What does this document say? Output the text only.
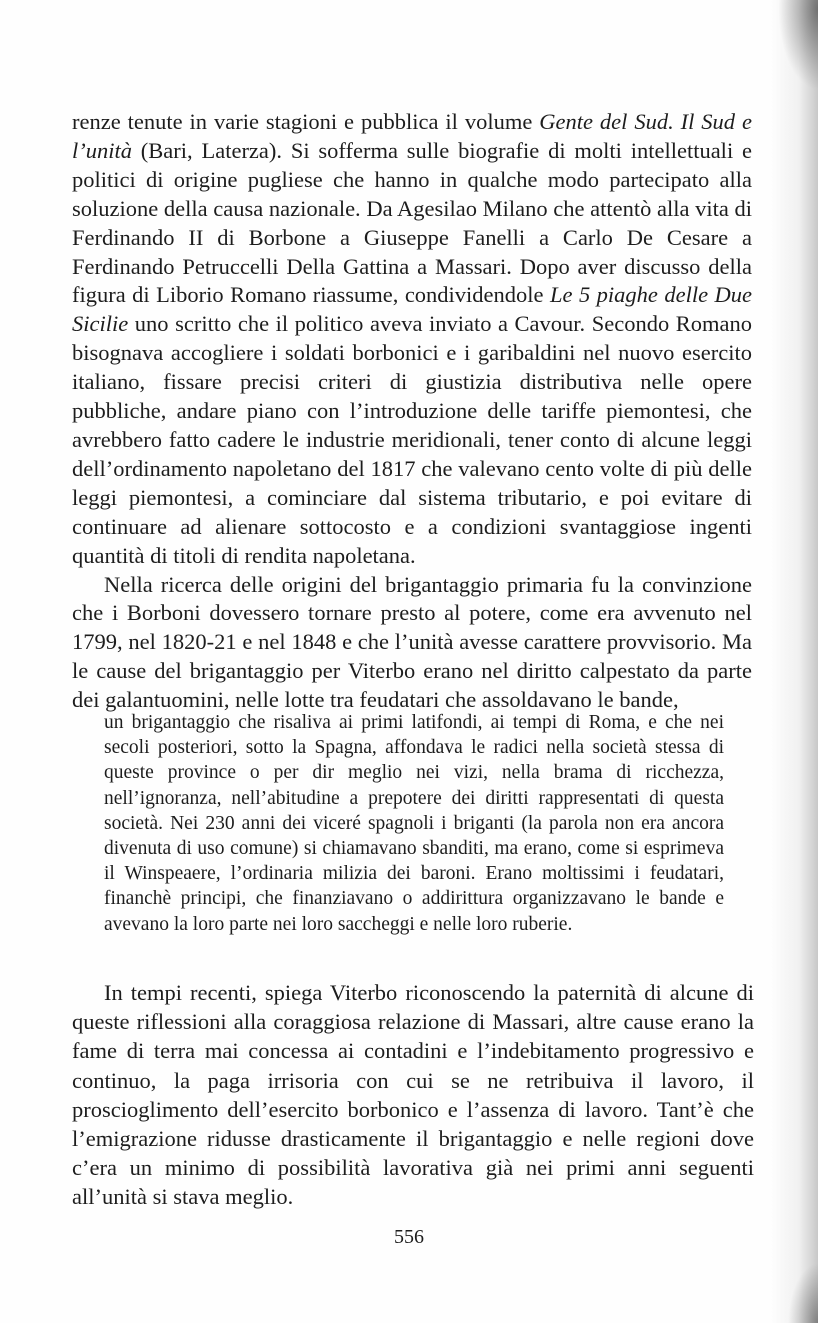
renze tenute in varie stagioni e pubblica il volume Gente del Sud. Il Sud e l’unità (Bari, Laterza). Si sofferma sulle biografie di molti intellettuali e politici di origine pugliese che hanno in qualche modo partecipato alla soluzione della causa nazionale. Da Agesilao Milano che attentò alla vita di Ferdinando II di Borbone a Giuseppe Fanelli a Carlo De Cesare a Ferdinando Petruccelli Della Gattina a Massari. Dopo aver discusso della figura di Liborio Romano riassume, condividendole Le 5 piaghe delle Due Sicilie uno scritto che il politico aveva inviato a Cavour. Secondo Romano bisognava accogliere i soldati borbonici e i garibaldini nel nuovo esercito italiano, fissare precisi criteri di giustizia distributiva nelle opere pubbliche, andare piano con l’introduzione delle tariffe piemontesi, che avrebbero fatto cadere le industrie meridionali, tener conto di alcune leggi dell’ordinamento napoletano del 1817 che valevano cento volte di più delle leggi piemontesi, a cominciare dal sistema tributario, e poi evitare di continuare ad alienare sottocosto e a condizioni svantaggiose ingenti quantità di titoli di rendita napoletana.

Nella ricerca delle origini del brigantaggio primaria fu la convinzione che i Borboni dovessero tornare presto al potere, come era avvenuto nel 1799, nel 1820-21 e nel 1848 e che l’unità avesse carattere provvisorio. Ma le cause del brigantaggio per Viterbo erano nel diritto calpestato da parte dei galantuomini, nelle lotte tra feudatari che assoldavano le bande,

un brigantaggio che risaliva ai primi latifondi, ai tempi di Roma, e che nei secoli posteriori, sotto la Spagna, affondava le radici nella società stessa di queste province o per dir meglio nei vizi, nella brama di ricchezza, nell’ignoranza, nell’abitudine a prepotere dei diritti rappresentati di questa società. Nei 230 anni dei viceré spagnoli i briganti (la parola non era ancora divenuta di uso comune) si chiamavano sbanditi, ma erano, come si esprimeva il Winspeaere, l’ordinaria milizia dei baroni. Erano moltissimi i feudatari, financhè principi, che finanziavano o addirittura organizzavano le bande e avevano la loro parte nei loro saccheggi e nelle loro ruberie.

In tempi recenti, spiega Viterbo riconoscendo la paternità di alcune di queste riflessioni alla coraggiosa relazione di Massari, altre cause erano la fame di terra mai concessa ai contadini e l’indebitamento progressivo e continuo, la paga irrisoria con cui se ne retribuiva il lavoro, il proscioglimento dell’esercito borbonico e l’assenza di lavoro. Tant’è che l’emigrazione ridusse drasticamente il brigantaggio e nelle regioni dove c’era un minimo di possibilità lavorativa già nei primi anni seguenti all’unità si stava meglio.

556
